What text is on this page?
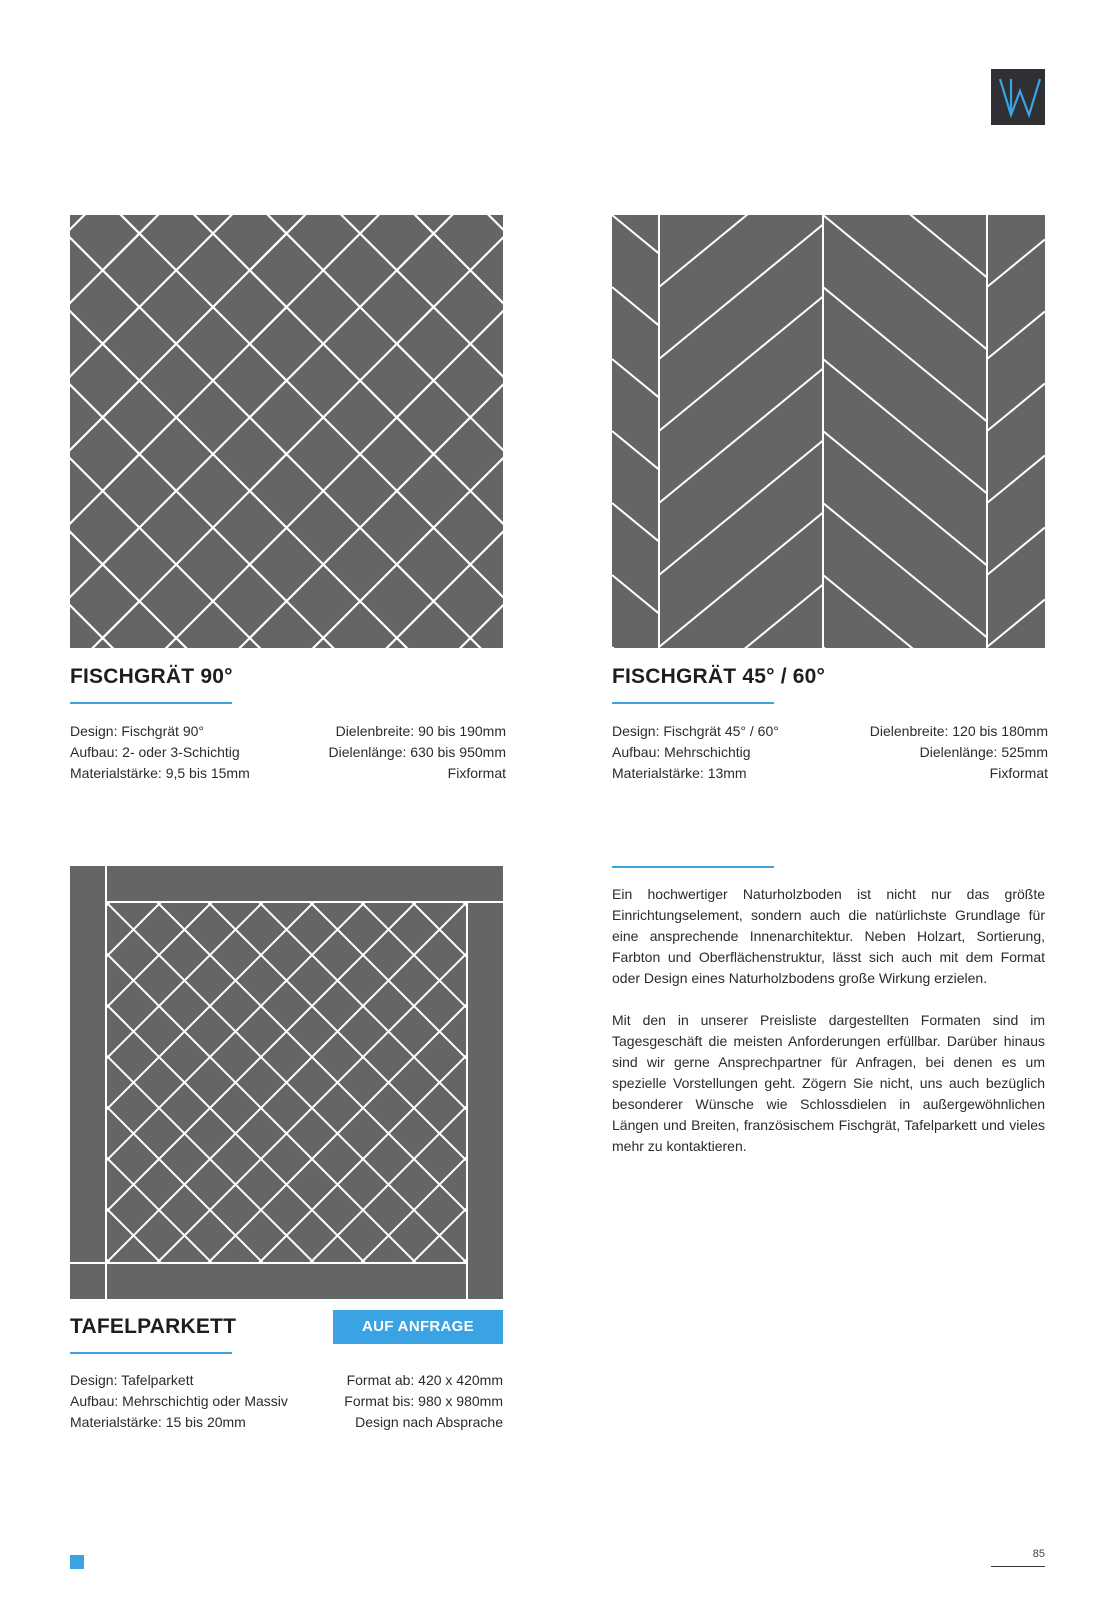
FISCHGRÄT 90°
Design: Fischgrät 90°
Aufbau: 2- oder 3-Schichtig
Materialstärke: 9,5 bis 15mm
Dielenbreite: 90 bis 190mm
Dielenlänge: 630 bis 950mm
Fixformat
FISCHGRÄT 45° / 60°
Design: Fischgrät 45° / 60°
Aufbau: Mehrschichtig
Materialstärke: 13mm
Dielenbreite: 120 bis 180mm
Dielenlänge: 525mm
Fixformat
TAFELPARKETT	AUF ANFRAGE
Design: Tafelparkett
Aufbau: Mehrschichtig oder Massiv
Materialstärke: 15 bis 20mm
Format ab: 420 x 420mm
Format bis: 980 x 980mm
Design nach Absprache

Ein hochwertiger Naturholzboden ist nicht nur das größte Einrichtungselement, sondern auch die natürlichste Grundlage für eine ansprechende Innenarchitektur. Neben Holzart, Sortierung, Farbton und Oberflächenstruktur, lässt sich auch mit dem Format oder Design eines Naturholzbodens große Wirkung erzielen.

Mit den in unserer Preisliste dargestellten Formaten sind im Tagesgeschäft die meisten Anforderungen erfüllbar. Darüber hinaus sind wir gerne Ansprechpartner für Anfragen, bei denen es um spezielle Vorstellungen geht. Zögern Sie nicht, uns auch bezüglich besonderer Wünsche wie Schlossdielen in außergewöhnlichen Längen und Breiten, französischem Fischgrät, Tafelparkett und vieles mehr zu kontaktieren.

85
